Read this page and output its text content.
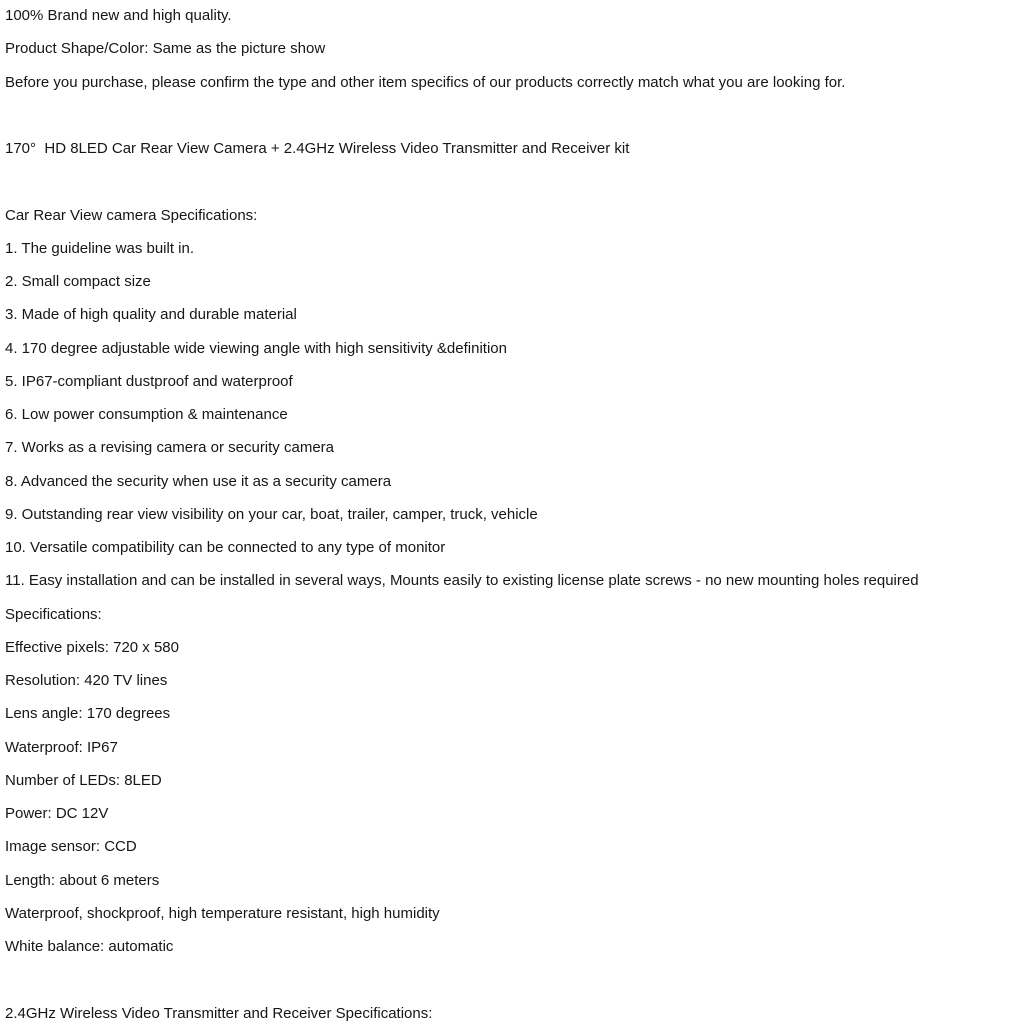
100% Brand new and high quality.
Product Shape/Color: Same as the picture show
Before you purchase, please confirm the type and other item specifics of our products correctly match what you are looking for.
170°  HD 8LED Car Rear View Camera + 2.4GHz Wireless Video Transmitter and Receiver kit
Car Rear View camera Specifications:
1. The guideline was built in.
2. Small compact size
3. Made of high quality and durable material
4. 170 degree adjustable wide viewing angle with high sensitivity &definition
5. IP67-compliant dustproof and waterproof
6. Low power consumption & maintenance
7. Works as a revising camera or security camera
8. Advanced the security when use it as a security camera
9. Outstanding rear view visibility on your car, boat, trailer, camper, truck, vehicle
10. Versatile compatibility can be connected to any type of monitor
11. Easy installation and can be installed in several ways, Mounts easily to existing license plate screws - no new mounting holes required
Specifications:
Effective pixels: 720 x 580
Resolution: 420 TV lines
Lens angle: 170 degrees
Waterproof: IP67
Number of LEDs: 8LED
Power: DC 12V
Image sensor: CCD
Length: about 6 meters
Waterproof, shockproof, high temperature resistant, high humidity
White balance: automatic
2.4GHz Wireless Video Transmitter and Receiver Specifications:
